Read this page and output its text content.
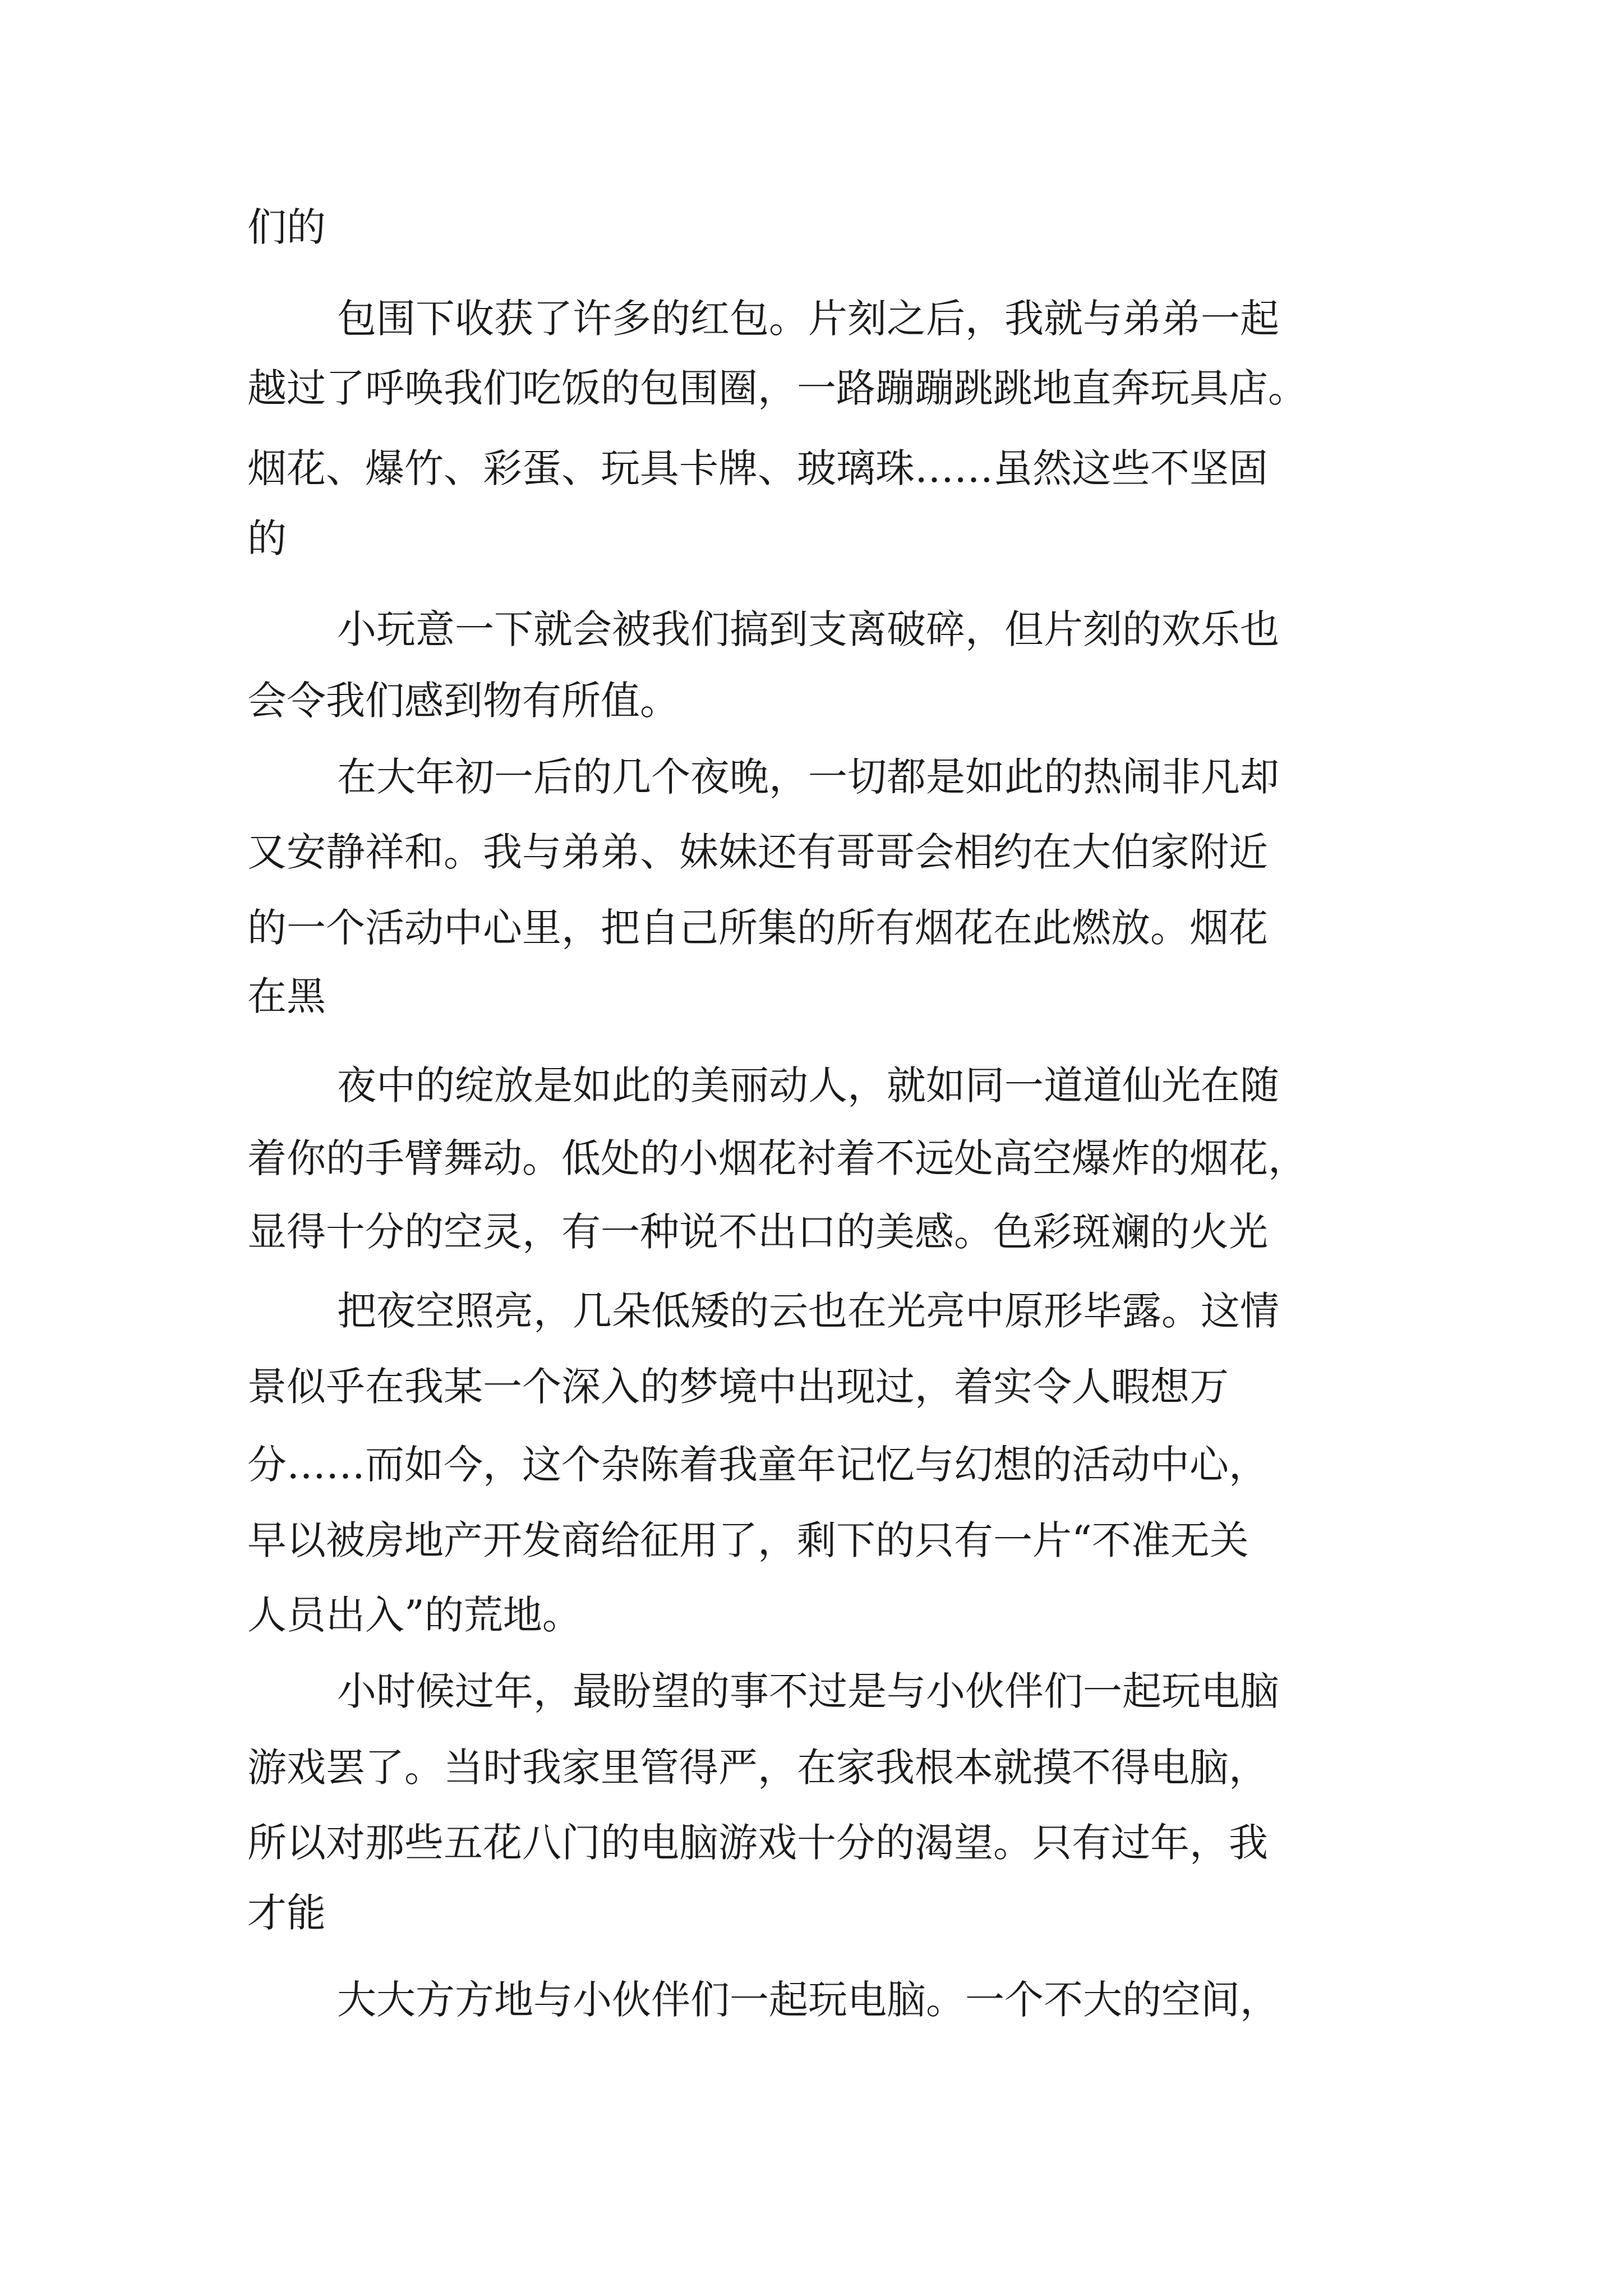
们的

包围下收获了许多的红包。片刻之后，我就与弟弟一起

越过了呼唤我们吃饭的包围圈，一路蹦蹦跳跳地直奔玩具店。

烟花、爆竹、彩蛋、玩具卡牌、玻璃珠……虽然这些不坚固

的

小玩意一下就会被我们搞到支离破碎，但片刻的欢乐也

会令我们感到物有所值。

在大年初一后的几个夜晚，一切都是如此的热闹非凡却

又安静祥和。我与弟弟、妹妹还有哥哥会相约在大伯家附近

的一个活动中心里，把自己所集的所有烟花在此燃放。烟花

在黑

夜中的绽放是如此的美丽动人，就如同一道道仙光在随

着你的手臂舞动。低处的小烟花衬着不远处高空爆炸的烟花，

显得十分的空灵，有一种说不出口的美感。色彩斑斓的火光

把夜空照亮，几朵低矮的云也在光亮中原形毕露。这情

景似乎在我某一个深入的梦境中出现过，着实令人暇想万

分……而如今，这个杂陈着我童年记忆与幻想的活动中心，

早以被房地产开发商给征用了，剩下的只有一片“不准无关

人员出入”的荒地。

小时候过年，最盼望的事不过是与小伙伴们一起玩电脑

游戏罢了。当时我家里管得严，在家我根本就摸不得电脑，

所以对那些五花八门的电脑游戏十分的渴望。只有过年，我

才能

大大方方地与小伙伴们一起玩电脑。一个不大的空间，
